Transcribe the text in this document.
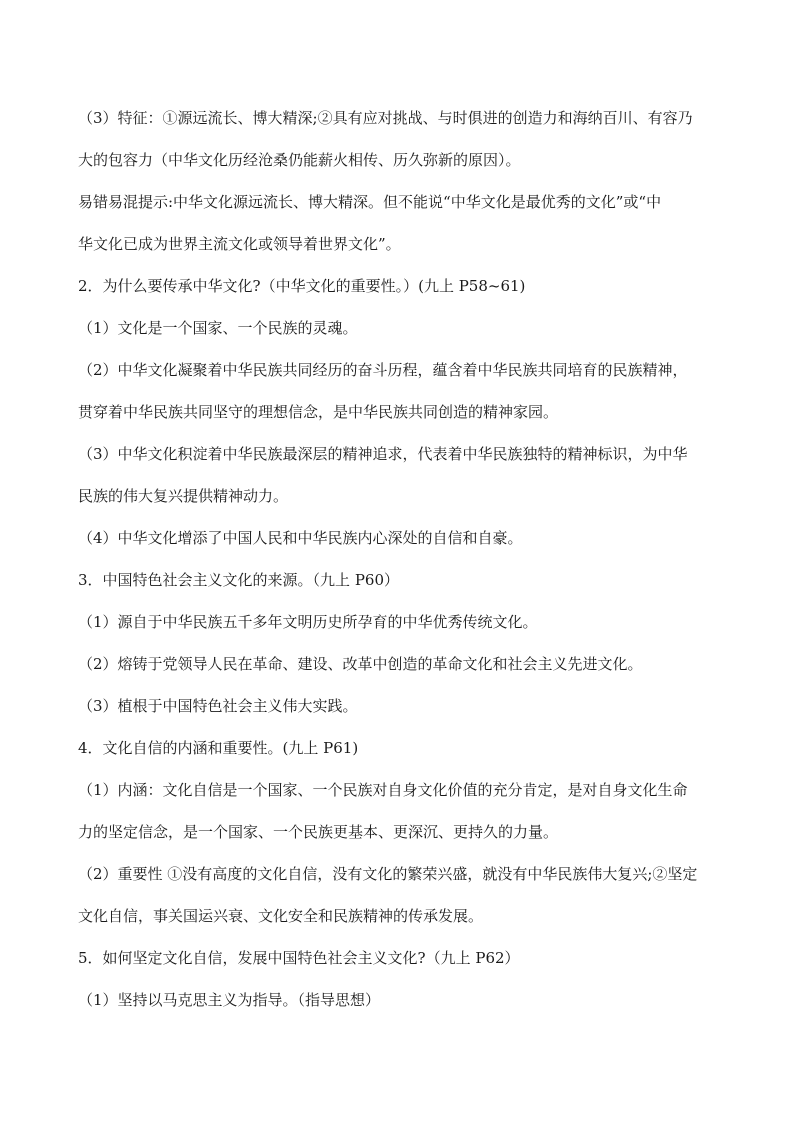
（3）特征：①源远流长、博大精深;②具有应对挑战、与时俱进的创造力和海纳百川、有容乃
大的包容力（中华文化历经沧桑仍能薪火相传、历久弥新的原因）。
易错易混提示:中华文化源远流长、博大精深。但不能说“中华文化是最优秀的文化”或“中
华文化已成为世界主流文化或领导着世界文化”。
2．为什么要传承中华文化?（中华文化的重要性。）(九上 P58~61)
（1）文化是一个国家、一个民族的灵魂。
（2）中华文化凝聚着中华民族共同经历的奋斗历程，蕴含着中华民族共同培育的民族精神，
贯穿着中华民族共同坚守的理想信念，是中华民族共同创造的精神家园。
（3）中华文化积淀着中华民族最深层的精神追求，代表着中华民族独特的精神标识，为中华
民族的伟大复兴提供精神动力。
（4）中华文化增添了中国人民和中华民族内心深处的自信和自豪。
3．中国特色社会主义文化的来源。（九上 P60）
（1）源自于中华民族五千多年文明历史所孕育的中华优秀传统文化。
（2）熔铸于党领导人民在革命、建设、改革中创造的革命文化和社会主义先进文化。
（3）植根于中国特色社会主义伟大实践。
4．文化自信的内涵和重要性。(九上 P61)
（1）内涵：文化自信是一个国家、一个民族对自身文化价值的充分肯定，是对自身文化生命
力的坚定信念，是一个国家、一个民族更基本、更深沉、更持久的力量。
（2）重要性 ①没有高度的文化自信，没有文化的繁荣兴盛，就没有中华民族伟大复兴;②坚定
文化自信，事关国运兴衰、文化安全和民族精神的传承发展。
5．如何坚定文化自信，发展中国特色社会主义文化?（九上 P62）
（1）坚持以马克思主义为指导。（指导思想）
